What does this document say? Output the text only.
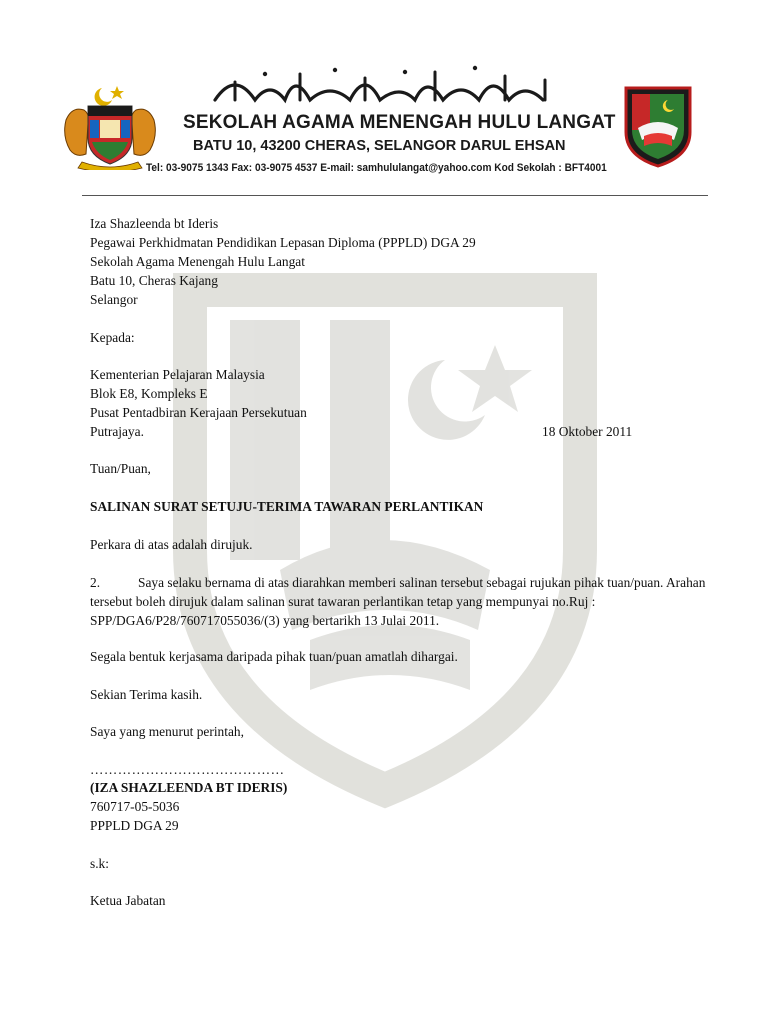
سکوله اݢام منڠه هولو لاڠت
SEKOLAH AGAMA MENENGAH HULU LANGAT
BATU 10, 43200 CHERAS, SELANGOR DARUL EHSAN
Tel: 03-9075 1343 Fax: 03-9075 4537 E-mail: samhululangat@yahoo.com Kod Sekolah : BFT4001
Iza Shazleenda bt Ideris
Pegawai Perkhidmatan Pendidikan Lepasan Diploma (PPPLD) DGA 29
Sekolah Agama Menengah Hulu Langat
Batu 10, Cheras Kajang
Selangor
Kepada:
Kementerian Pelajaran Malaysia
Blok E8, Kompleks E
Pusat Pentadbiran Kerajaan Persekutuan
Putrajaya.	18 Oktober 2011
Tuan/Puan,
SALINAN SURAT SETUJU-TERIMA TAWARAN PERLANTIKAN
Perkara di atas adalah dirujuk.
2.	Saya selaku bernama di atas diarahkan memberi salinan tersebut sebagai rujukan pihak tuan/puan. Arahan tersebut boleh dirujuk dalam salinan surat tawaran perlantikan tetap yang mempunyai no.Ruj : SPP/DGA6/P28/760717055036/(3) yang bertarikh 13 Julai 2011.
Segala bentuk kerjasama daripada pihak tuan/puan amatlah dihargai.
Sekian Terima kasih.
Saya yang menurut perintah,
……………………………………
(IZA SHAZLEENDA BT IDERIS)
760717-05-5036
PPPLD DGA 29
s.k:
Ketua Jabatan
